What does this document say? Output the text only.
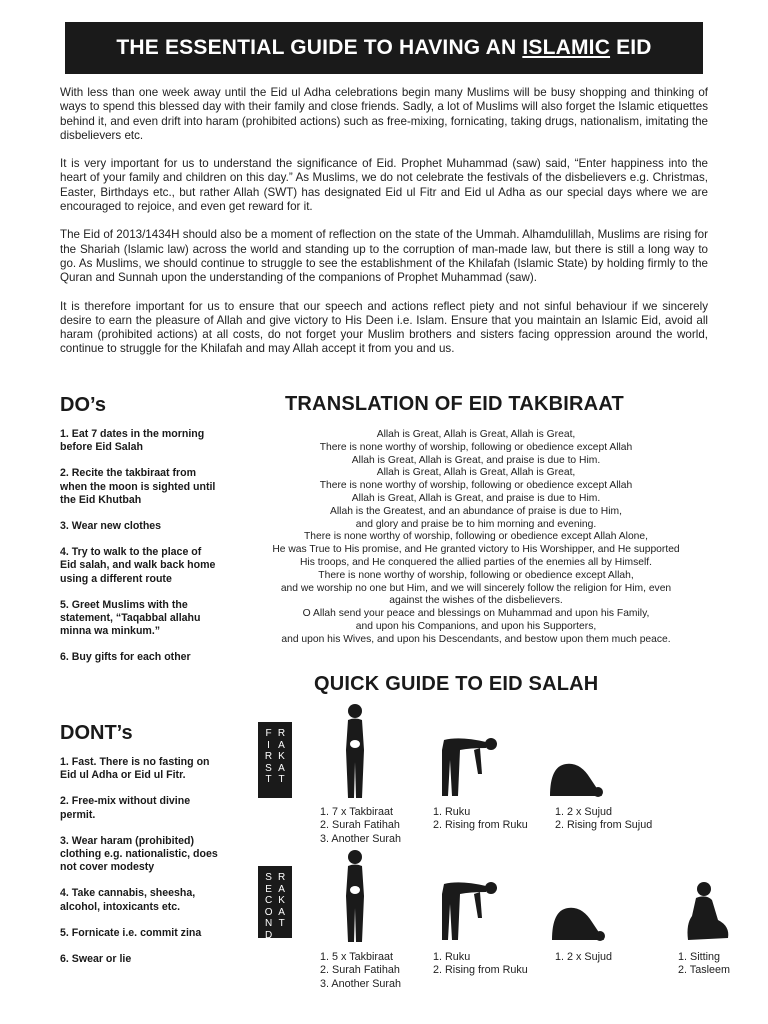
THE ESSENTIAL GUIDE TO HAVING AN ISLAMIC EID

With less than one week away until the Eid ul Adha celebrations begin many Muslims will be busy shopping and thinking of ways to spend this blessed day with their family and close friends. Sadly, a lot of Muslims will also forget the Islamic etiquettes behind it, and even drift into haram (prohibited actions) such as free-mixing, fornicating, taking drugs, nationalism, imitating the disbelievers etc.

It is very important for us to understand the significance of Eid. Prophet Muhammad (saw) said, “Enter happiness into the heart of your family and children on this day.” As Muslims, we do not celebrate the festivals of the disbelievers e.g. Christmas, Easter, Birthdays etc., but rather Allah (SWT) has designated Eid ul Fitr and Eid ul Adha as our special days where we are encouraged to rejoice, and even get reward for it.

The Eid of 2013/1434H should also be a moment of reflection on the state of the Ummah. Alhamdulillah, Muslims are rising for the Shariah (Islamic law) across the world and standing up to the corruption of man-made law, but there is still a long way to go. As Muslims, we should continue to struggle to see the establishment of the Khilafah (Islamic State) by holding firmly to the Quran and Sunnah upon the understanding of the companions of Prophet Muhammad (saw).

It is therefore important for us to ensure that our speech and actions reflect piety and not sinful behaviour if we sincerely desire to earn the pleasure of Allah and give victory to His Deen i.e. Islam. Ensure that you maintain an Islamic Eid, avoid all haram (prohibited actions) at all costs, do not forget your Muslim brothers and sisters facing oppression around the world, continue to struggle for the Khilafah and may Allah accept it from you and us.

DO’s
1. Eat 7 dates in the morning before Eid Salah
2. Recite the takbiraat from when the moon is sighted until the Eid Khutbah
3. Wear new clothes
4. Try to walk to the place of Eid salah, and walk back home using a different route
5. Greet Muslims with the statement, “Taqabbal allahu minna wa minkum.”
6. Buy gifts for each other
DONT’s
1. Fast. There is no fasting on Eid ul Adha or Eid ul Fitr.
2. Free-mix without divine permit.
3. Wear haram (prohibited) clothing e.g. nationalistic, does not cover modesty
4. Take cannabis, sheesha, alcohol, intoxicants etc.
5. Fornicate i.e. commit zina
6. Swear or lie
TRANSLATION OF EID TAKBIRAAT
Allah is Great, Allah is Great, Allah is Great,
There is none worthy of worship, following or obedience except Allah
Allah is Great, Allah is Great, and praise is due to Him.
Allah is Great, Allah is Great, Allah is Great,
There is none worthy of worship, following or obedience except Allah
Allah is Great, Allah is Great, and praise is due to Him.
Allah is the Greatest, and an abundance of praise is due to Him,
and glory and praise be to him morning and evening.
There is none worthy of worship, following or obedience except Allah Alone,
He was True to His promise, and He granted victory to His Worshipper, and He supported
His troops, and He conquered the allied parties of the enemies all by Himself.
There is none worthy of worship, following or obedience except Allah,
and we worship no one but Him, and we will sincerely follow the religion for Him, even
against the wishes of the disbelievers.
O Allah send your peace and blessings on Muhammad and upon his Family,
and upon his Companions, and upon his Supporters,
and upon his Wives, and upon his Descendants, and bestow upon them much peace.
QUICK GUIDE TO EID SALAH
F
I
R
S
T
R
A
K
A
T
1. 7 x Takbiraat
2. Surah Fatihah
3. Another Surah
1. Ruku
2. Rising from Ruku
1. 2 x Sujud
2. Rising from Sujud
S
E
C
O
N
D
R
A
K
A
T
1. 5 x Takbiraat
2. Surah Fatihah
3. Another Surah
1. Ruku
2. Rising from Ruku
1. 2 x Sujud	1. Sitting
2. Tasleem
